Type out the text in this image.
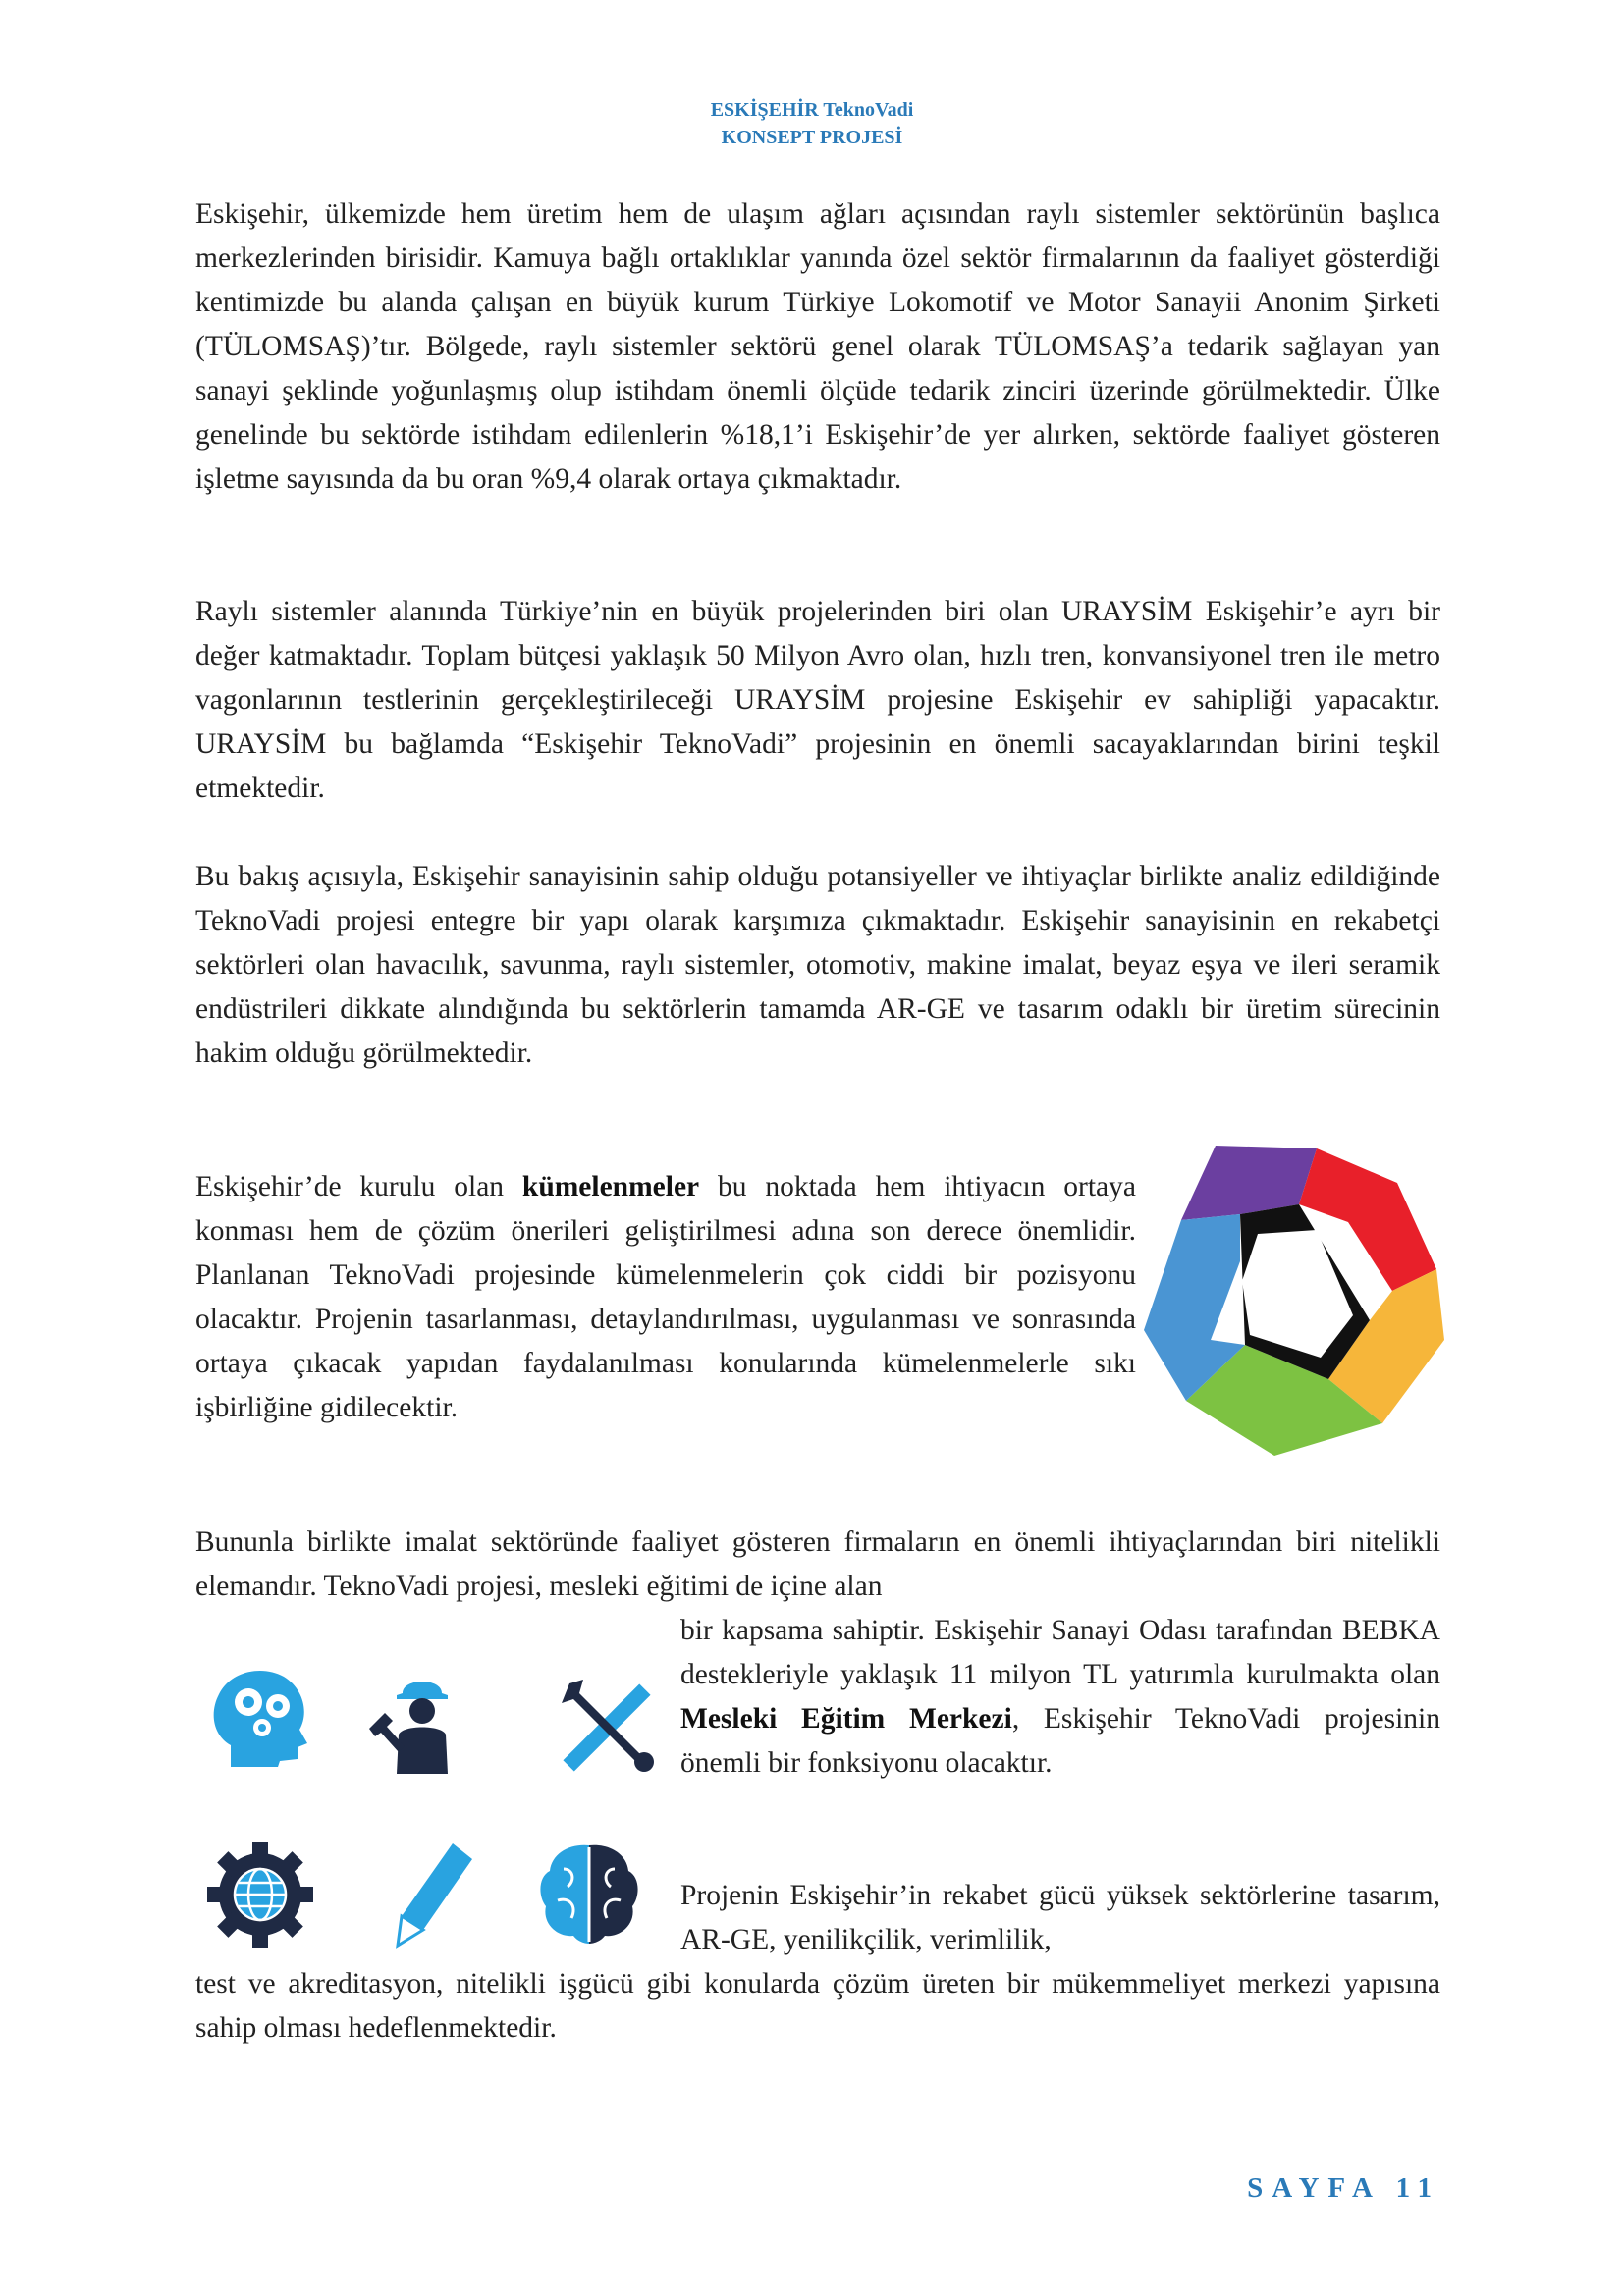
ESKİŞEHİR TeknoVadi
KONSEPT PROJESİ

Eskişehir, ülkemizde hem üretim hem de ulaşım ağları açısından raylı sistemler sektörünün başlıca merkezlerinden birisidir. Kamuya bağlı ortaklıklar yanında özel sektör firmalarının da faaliyet gösterdiği kentimizde bu alanda çalışan en büyük kurum Türkiye Lokomotif ve Motor Sanayii Anonim Şirketi (TÜLOMSAŞ)’tır. Bölgede, raylı sistemler sektörü genel olarak TÜLOMSAŞ’a tedarik sağlayan yan sanayi şeklinde yoğunlaşmış olup istihdam önemli ölçüde tedarik zinciri üzerinde görülmektedir. Ülke genelinde bu sektörde istihdam edilenlerin %18,1’i Eskişehir’de yer alırken, sektörde faaliyet gösteren işletme sayısında da bu oran %9,4 olarak ortaya çıkmaktadır.

Raylı sistemler alanında Türkiye’nin en büyük projelerinden biri olan URAYSİM Eskişehir’e ayrı bir değer katmaktadır. Toplam bütçesi yaklaşık 50 Milyon Avro olan, hızlı tren, konvansiyonel tren ile metro vagonlarının testlerinin gerçekleştirileceği URAYSİM projesine Eskişehir ev sahipliği yapacaktır. URAYSİM bu bağlamda “Eskişehir TeknoVadi” projesinin en önemli sacayaklarından birini teşkil etmektedir.

Bu bakış açısıyla, Eskişehir sanayisinin sahip olduğu potansiyeller ve ihtiyaçlar birlikte analiz edildiğinde TeknoVadi projesi entegre bir yapı olarak karşımıza çıkmaktadır. Eskişehir sanayisinin en rekabetçi sektörleri olan havacılık, savunma, raylı sistemler, otomotiv, makine imalat, beyaz eşya ve ileri seramik endüstrileri dikkate alındığında bu sektörlerin tamamda AR-GE ve tasarım odaklı bir üretim sürecinin hakim olduğu görülmektedir.

Eskişehir’de kurulu olan kümelenmeler bu noktada hem ihtiyacın ortaya konması hem de çözüm önerileri geliştirilmesi adına son derece önemlidir. Planlanan TeknoVadi projesinde kümelenmelerin çok ciddi bir pozisyonu olacaktır. Projenin tasarlanması, detaylandırılması, uygulanması ve sonrasında ortaya çıkacak yapıdan faydalanılması konularında kümelenmelerle sıkı işbirliğine gidilecektir.

Bununla birlikte imalat sektöründe faaliyet gösteren firmaların en önemli ihtiyaçlarından biri nitelikli elemandır. TeknoVadi projesi, mesleki eğitimi de içine alan

bir kapsama sahiptir. Eskişehir Sanayi Odası tarafından BEBKA destekleriyle yaklaşık 11 milyon TL yatırımla kurulmakta olan Mesleki Eğitim Merkezi, Eskişehir TeknoVadi projesinin önemli bir fonksiyonu olacaktır.

Projenin Eskişehir’in rekabet gücü yüksek sektörlerine tasarım, AR-GE, yenilikçilik, verimlilik,

test ve akreditasyon, nitelikli işgücü gibi konularda çözüm üreten bir mükemmeliyet merkezi yapısına sahip olması hedeflenmektedir.

SAYFA 11
